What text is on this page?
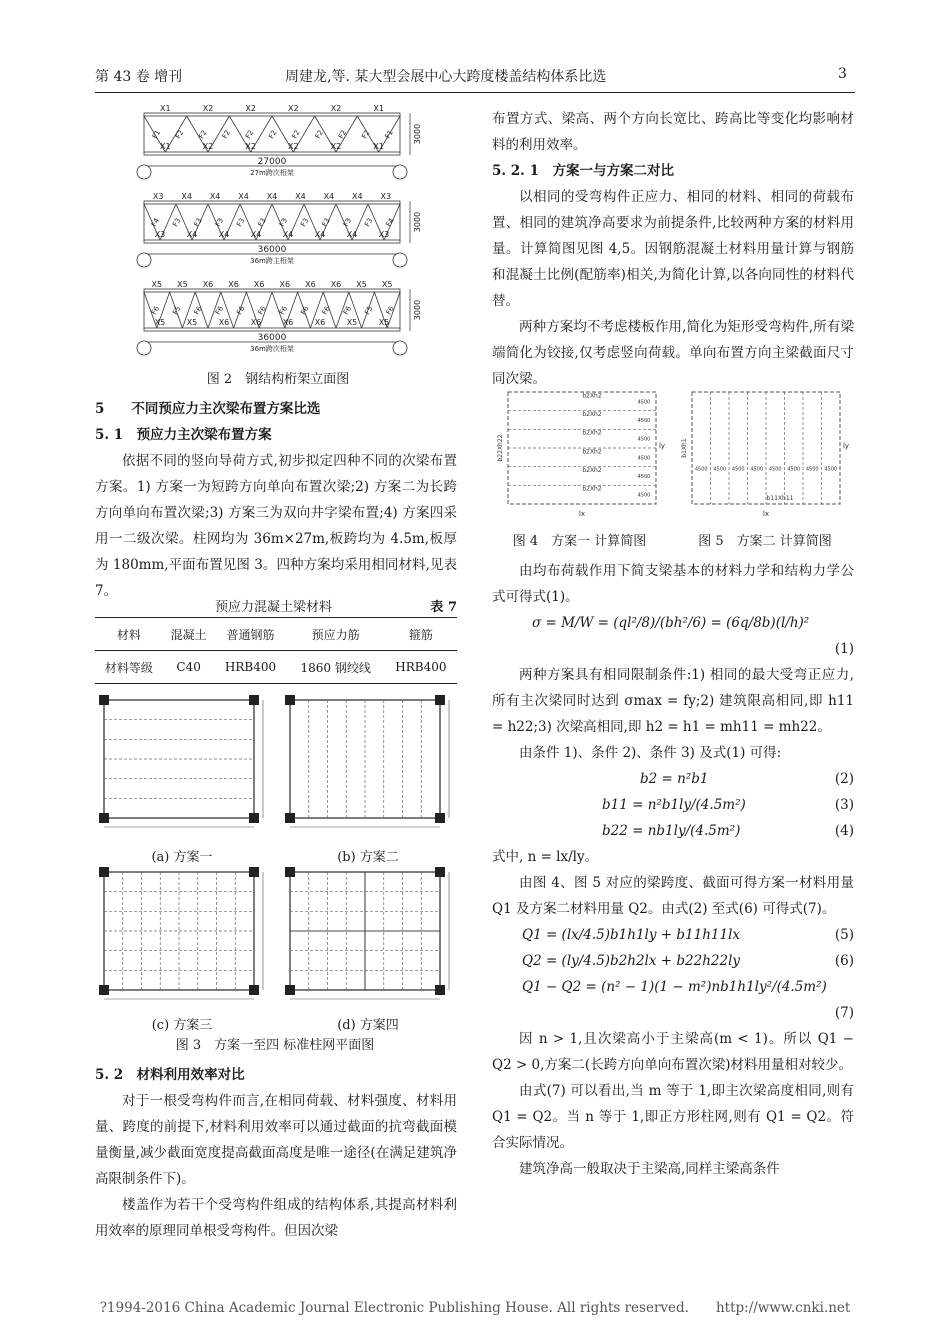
第 43 卷 增刊	周建龙,等. 某大型会展中心大跨度楼盖结构体系比选	3
X1	X2	X2	X2	X2	X1
F1 F2 F2 F2 F2 F2 F2 F2 F2 F2 F1
X1	X2	X2	X2	X2	X1
3000
27000
27m跨次桁架
X3 X4 X4 X4 X4 X4 X4 X4 X3
F4 F3 F3 F3 F3 F3 F3 F3 F3 F3 F3 F4
X3	X4	X4	X4	X4	X4	X4	X3
3000
36000
36m跨主桁架
X5 X5 X6 X6 X6 X6 X6 X6 X5 X5
F6 F5 F6 F6 F6 F6 F6 F6 F6 F6 F5 F6
X5	X5	X6	X6	X6	X6	X5	X5
3000
36000
36m跨次桁架
图 2　钢结构桁架立面图

5　　不同预应力主次梁布置方案比选

5. 1　预应力主次梁布置方案

依据不同的竖向导荷方式,初步拟定四种不同的次梁布置方案。1) 方案一为短跨方向单向布置次梁;2) 方案二为长跨方向单向布置次梁;3) 方案三为双向井字梁布置;4) 方案四采用一二级次梁。柱网均为 36m×27m,板跨均为 4.5m,板厚为 180mm,平面布置见图 3。四种方案均采用相同材料,见表 7。

预应力混凝土梁材料	表 7
材料	混凝土	普通钢筋	预应力筋	箍筋
材料等级	C40	HRB400	1860 钢绞线	HRB400
(a) 方案一	(b) 方案二
(c) 方案三	(d) 方案四
图 3　方案一至四 标准柱网平面图

5. 2　材料利用效率对比

对于一根受弯构件而言,在相同荷载、材料强度、材料用量、跨度的前提下,材料利用效率可以通过截面的抗弯截面模量衡量,减少截面宽度提高截面高度是唯一途径(在满足建筑净高限制条件下)。

楼盖作为若干个受弯构件组成的结构体系,其提高材料利用效率的原理同单根受弯构件。但因次梁

布置方式、梁高、两个方向长宽比、跨高比等变化均影响材料的利用效率。

5. 2. 1　方案一与方案二对比

以相同的受弯构件正应力、相同的材料、相同的荷载布置、相同的建筑净高要求为前提条件,比较两种方案的材料用量。计算简图见图 4,5。因钢筋混凝土材料用量计算与钢筋和混凝土比例(配筋率)相关,为简化计算,以各向同性的材料代替。

两种方案均不考虑楼板作用,简化为矩形受弯构件,所有梁端简化为铰接,仅考虑竖向荷载。单向布置方向主梁截面尺寸同次梁。

b2Xh2
4500
b2Xh2
4500
b2Xh2
4500
b2Xh2
4500
b2Xh2
4500
b2Xh2
4500
b22Xh22
lx
ly
4500 4500 4500 4500 4500 4500 4500 4500
b11Xh11
b1Xh1
lx
ly
图 4　方案一 计算简图	图 5　方案二 计算简图

由均布荷载作用下简支梁基本的材料力学和结构力学公式可得式(1)。

σ = M/W = (ql²/8)/(bh²/6) = (6q/8b)(l/h)²
(1)

两种方案具有相同限制条件:1) 相同的最大受弯正应力,所有主次梁同时达到 σmax = fy;2) 建筑限高相同,即 h11 = h22;3) 次梁高相同,即 h2 = h1 = mh11 = mh22。

由条件 1)、条件 2)、条件 3) 及式(1) 可得:

b2 = n²b1	(2)
b11 = n²b1ly/(4.5m²)	(3)
b22 = nb1ly/(4.5m²)	(4)

式中, n = lx/ly。

由图 4、图 5 对应的梁跨度、截面可得方案一材料用量 Q1 及方案二材料用量 Q2。由式(2) 至式(6) 可得式(7)。

Q1 = (lx/4.5)b1h1ly + b11h11lx	(5)
Q2 = (ly/4.5)b2h2lx + b22h22ly	(6)
Q1 − Q2 = (n² − 1)(1 − m²)nb1h1ly²/(4.5m²)
(7)

因 n > 1,且次梁高小于主梁高(m < 1)。所以 Q1 − Q2 > 0,方案二(长跨方向单向布置次梁)材料用量相对较少。

由式(7) 可以看出,当 m 等于 1,即主次梁高度相同,则有 Q1 = Q2。当 n 等于 1,即正方形柱网,则有 Q1 = Q2。符合实际情况。

建筑净高一般取决于主梁高,同样主梁高条件

?1994-2016 China Academic Journal Electronic Publishing House. All rights reserved.　　http://www.cnki.net
